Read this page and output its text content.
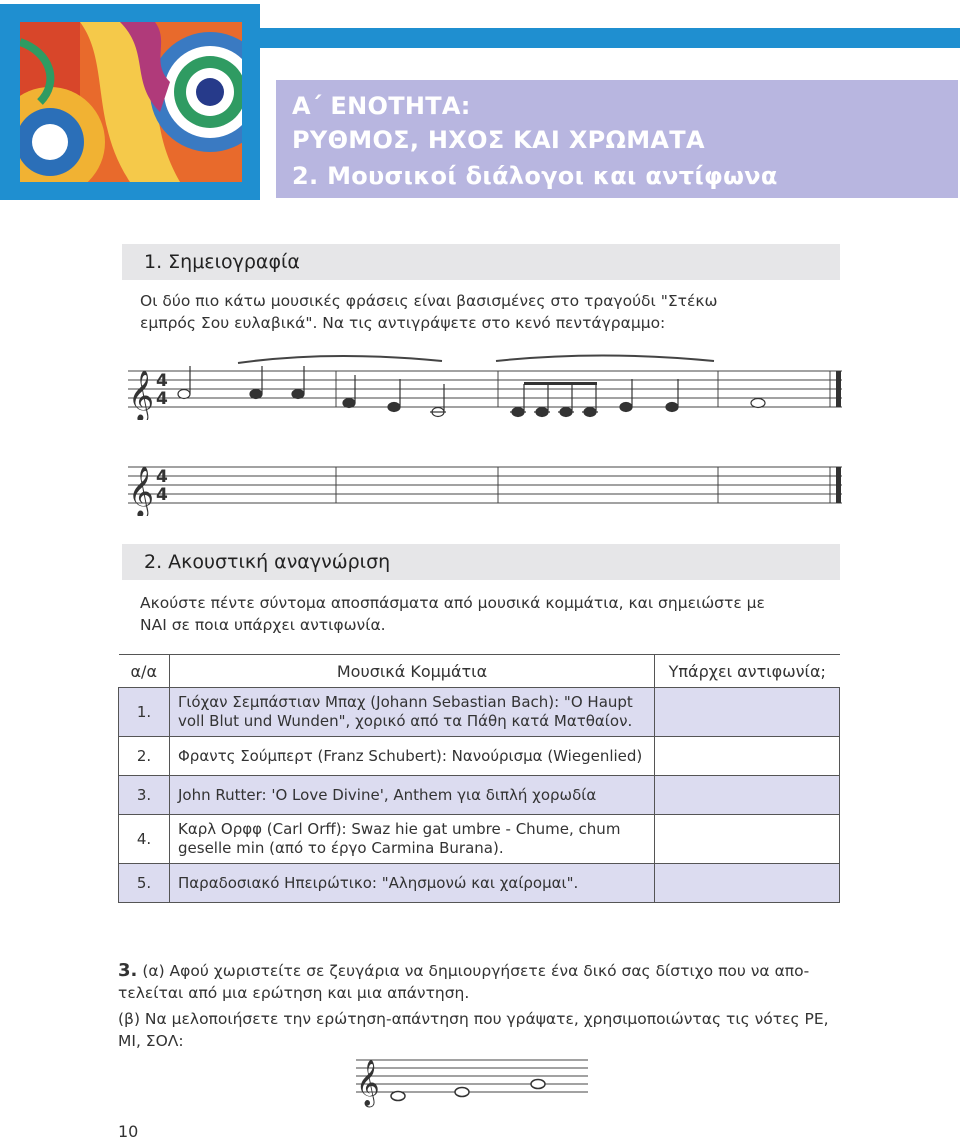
Α΄ ΕΝΟΤΗΤΑ:
ΡΥΘΜΟΣ, ΗΧΟΣ ΚΑΙ ΧΡΩΜΑΤΑ
2. Μουσικοί διάλογοι και αντίφωνα
1. Σημειογραφία
Οι δύο πιο κάτω μουσικές φράσεις είναι βασισμένες στο τραγούδι "Στέκω
εμπρός Σου ευλαβικά". Να τις αντιγράψετε στο κενό πεντάγραμμο:
𝄞 4
4
𝄞 4
4
2. Ακουστική αναγνώριση
Ακούστε πέντε σύντομα αποσπάσματα από μουσικά κομμάτια, και σημειώστε με
ΝΑΙ σε ποια υπάρχει αντιφωνία.
α/α	Μουσικά Κομμάτια	Υπάρχει αντιφωνία;
1.	Γιόχαν Σεμπάστιαν Μπαχ (Johann Sebastian Bach): "O Haupt
voll Blut und Wunden", χορικό από τα Πάθη κατά Ματθαίον.	

2.	Φραντς Σούμπερτ (Franz Schubert): Νανούρισμα (Wiegenlied)	

3.	John Rutter: 'O Love Divine', Anthem για διπλή χορωδία	

4.	Καρλ Ορφφ (Carl Orff): Swaz hie gat umbre - Chume, chum
geselle min (από το έργο Carmina Burana).	

5.	Παραδοσιακό Ηπειρώτικο: "Αλησμονώ και χαίρομαι".	

3. (α) Αφού χωριστείτε σε ζευγάρια να δημιουργήσετε ένα δικό σας δίστιχο που να απο-
τελείται από μια ερώτηση και μια απάντηση.
(β) Να μελοποιήσετε την ερώτηση-απάντηση που γράψατε, χρησιμοποιώντας τις νότες ΡΕ,
ΜΙ, ΣΟΛ:
𝄞
10
